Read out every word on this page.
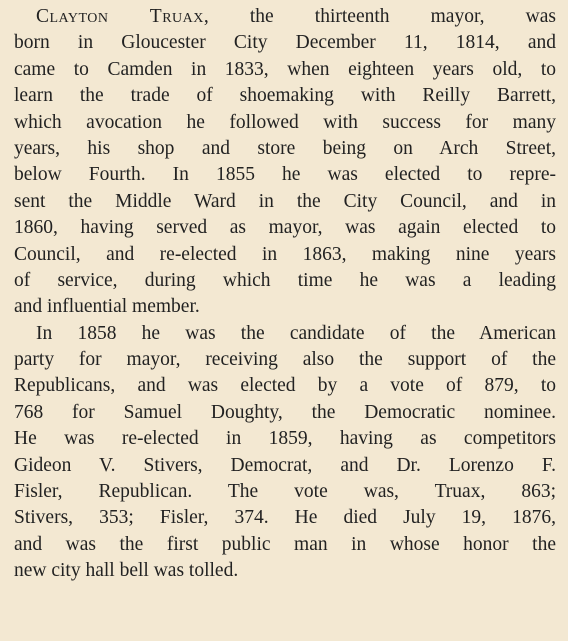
Clayton Truax, the thirteenth mayor, was
born in Gloucester City December 11, 1814, and
came to Camden in 1833, when eighteen years old, to
learn the trade of shoemaking with Reilly Barrett,
which avocation he followed with success for many
years, his shop and store being on Arch Street,
below Fourth. In 1855 he was elected to repre-
sent the Middle Ward in the City Council, and in
1860, having served as mayor, was again elected to
Council, and re-elected in 1863, making nine years
of service, during which time he was a leading
and influential member.
In 1858 he was the candidate of the American
party for mayor, receiving also the support of the
Republicans, and was elected by a vote of 879, to
768 for Samuel Doughty, the Democratic nominee.
He was re-elected in 1859, having as competitors
Gideon V. Stivers, Democrat, and Dr. Lorenzo F.
Fisler, Republican. The vote was, Truax, 863;
Stivers, 353; Fisler, 374. He died July 19, 1876,
and was the first public man in whose honor the
new city hall bell was tolled.
